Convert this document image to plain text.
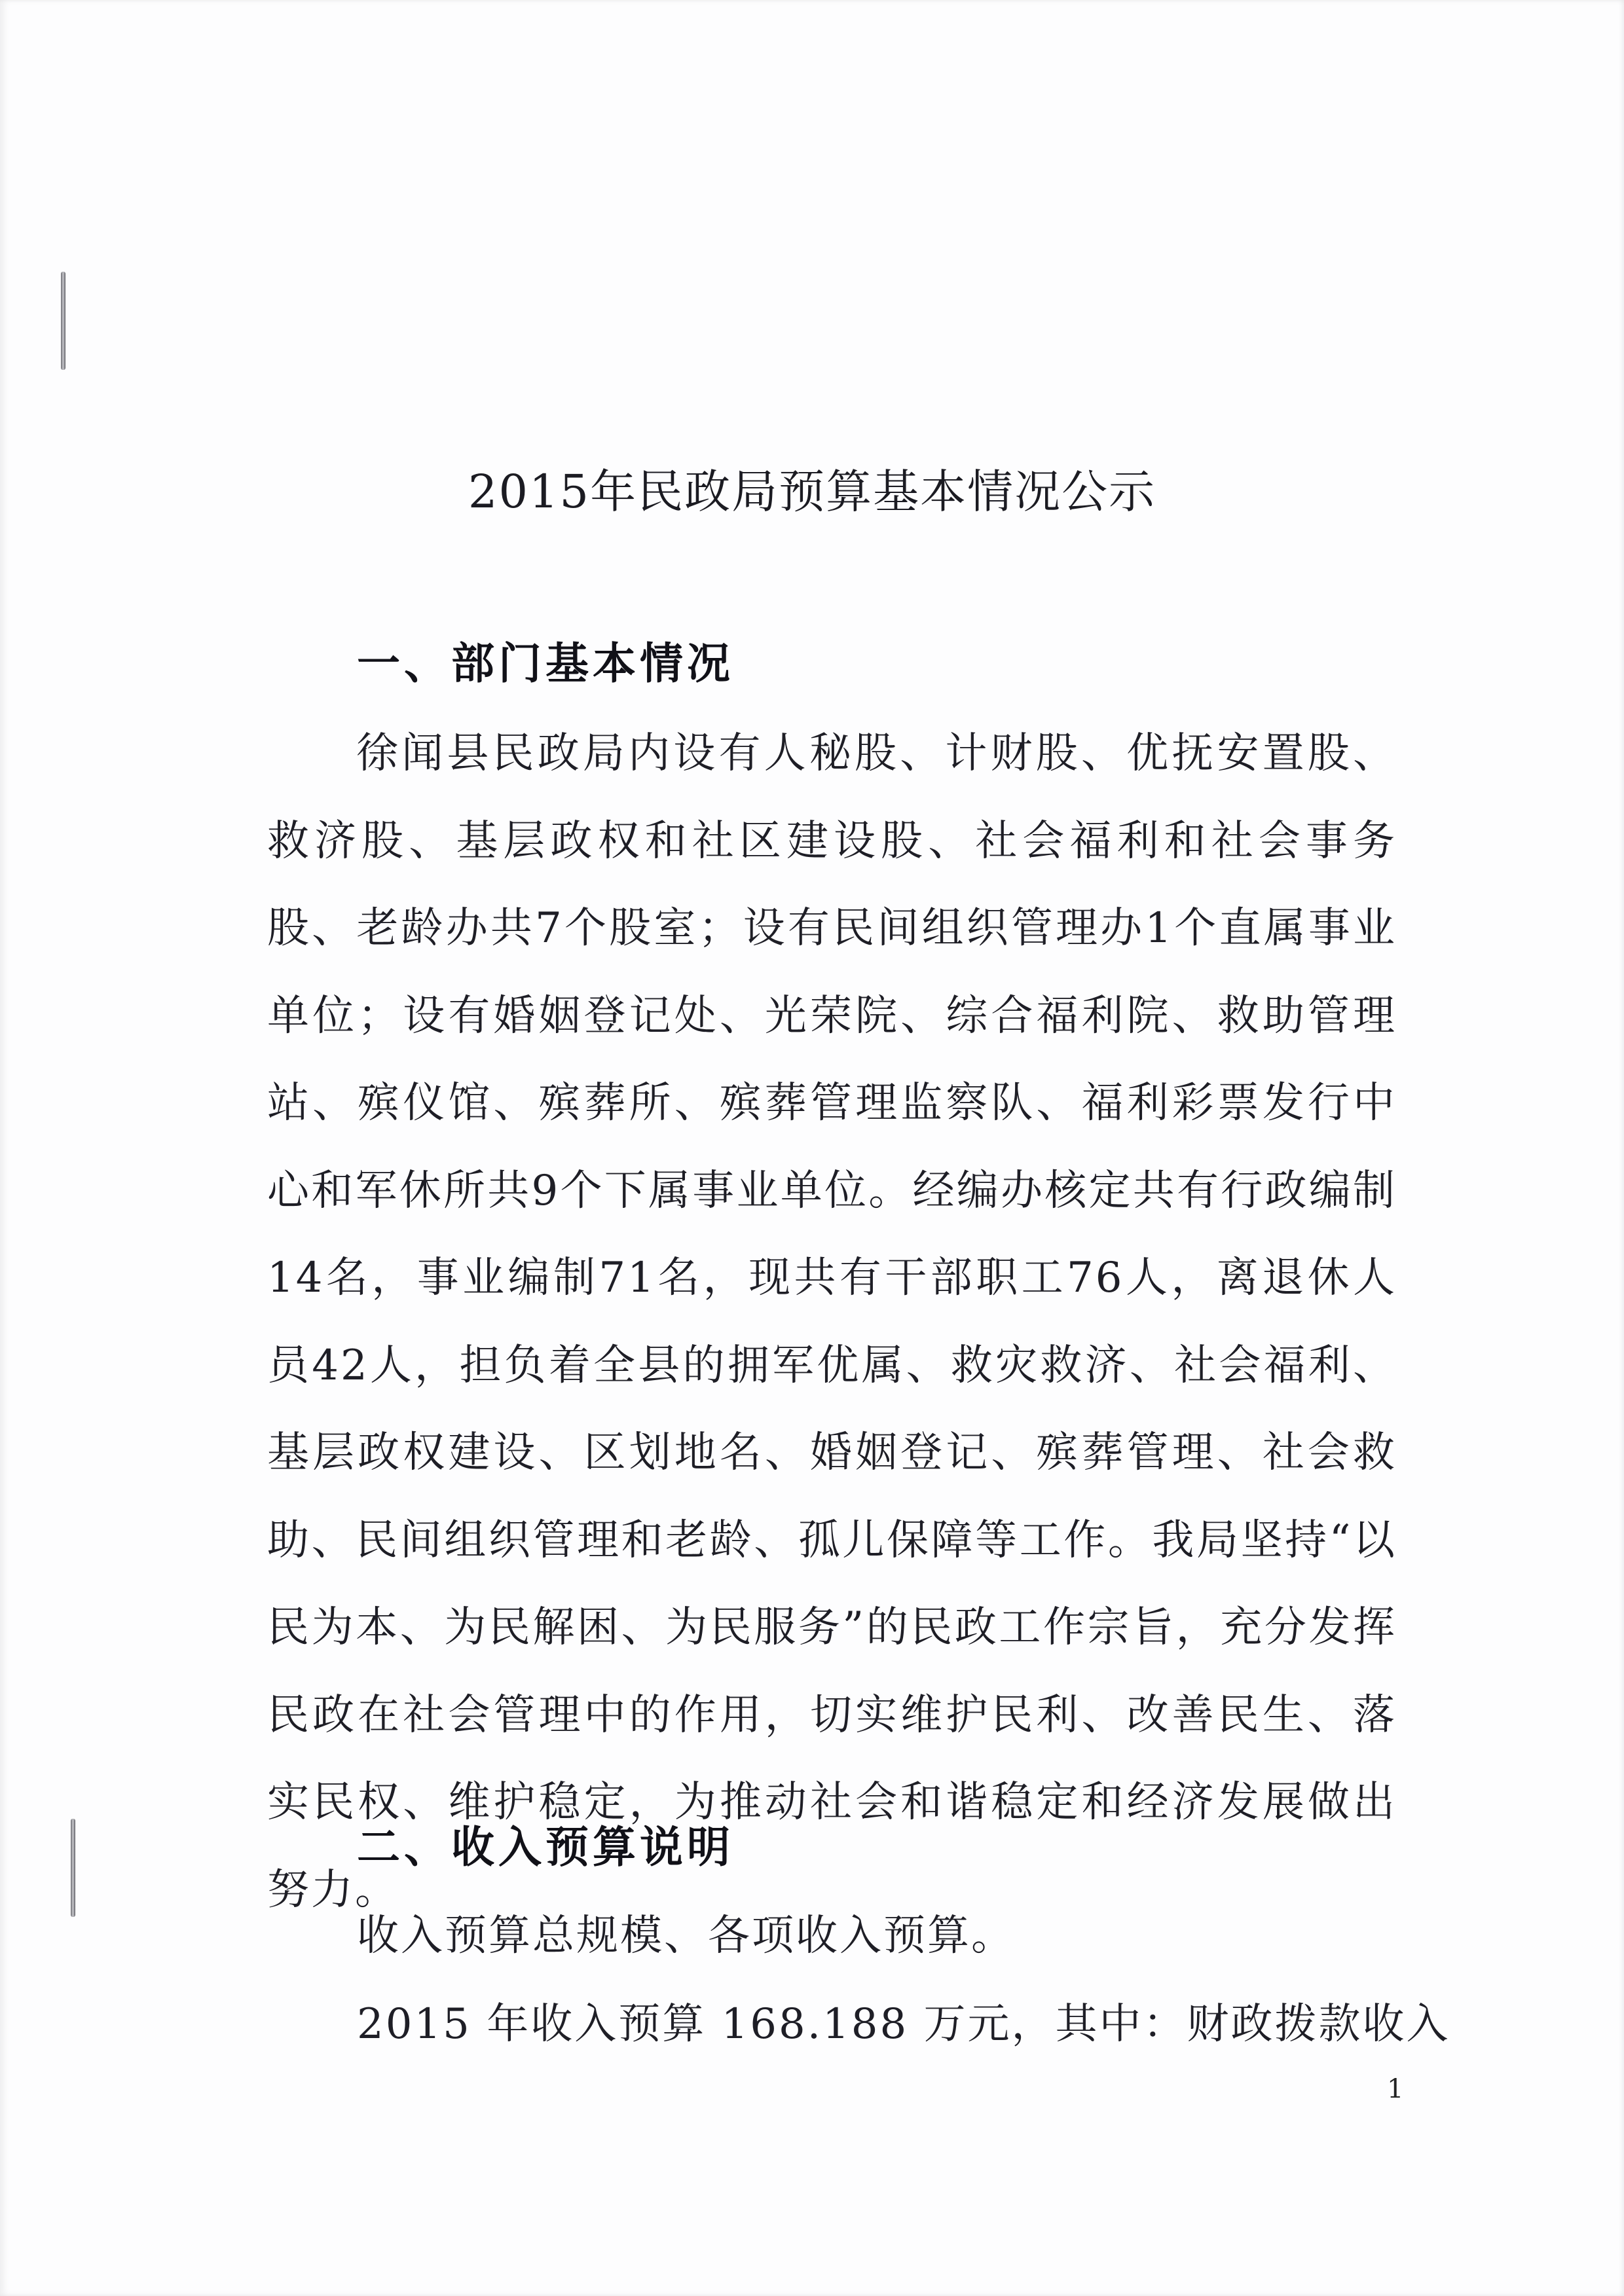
2015年民政局预算基本情况公示
一、部门基本情况

徐闻县民政局内设有人秘股、计财股、优抚安置股、救济股、基层政权和社区建设股、社会福利和社会事务股、老龄办共7个股室；设有民间组织管理办1个直属事业单位；设有婚姻登记处、光荣院、综合福利院、救助管理站、殡仪馆、殡葬所、殡葬管理监察队、福利彩票发行中心和军休所共9个下属事业单位。经编办核定共有行政编制14名，事业编制71名，现共有干部职工76人，离退休人员42人，担负着全县的拥军优属、救灾救济、社会福利、基层政权建设、区划地名、婚姻登记、殡葬管理、社会救助、民间组织管理和老龄、孤儿保障等工作。我局坚持“以民为本、为民解困、为民服务”的民政工作宗旨，充分发挥民政在社会管理中的作用，切实维护民利、改善民生、落实民权、维护稳定，为推动社会和谐稳定和经济发展做出努力。

二、收入预算说明
收入预算总规模、各项收入预算。
2015 年收入预算 168.188 万元，其中：财政拨款收入
1
